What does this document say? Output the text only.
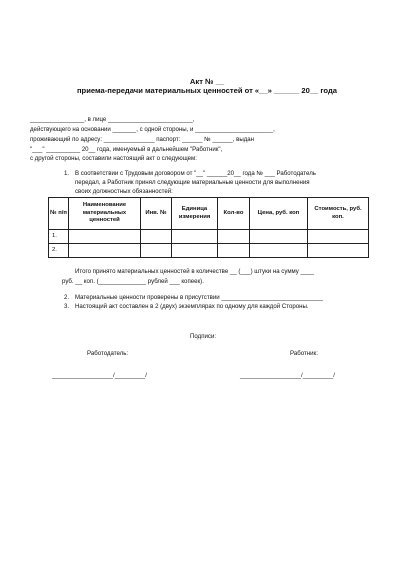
Акт № __
приема-передачи материальных ценностей от «__» ______ 20__ года
________________, в лице _________________________,
действующего на основании _______, с одной стороны, и _______________________,
проживающий по адресу: _______________ паспорт: ______ № ______, выдан
"___" __________ 20__ года, именуемый в дальнейшем "Работник",
с другой стороны, составили настоящий акт о следующем:
1. В соответствии с Трудовым договором от "__" ______20__ года № ___ Работодатель
передал, а Работник принял следующие материальные ценности для выполнения
своих должностных обязанностей:
№ п/п	Наименование материальных ценностей	Инв. №	Единица измерения	Кол-во	Цена, руб. коп	Стоимость, руб. коп.
1.						
2.						
Итого принято материальных ценностей в количестве __ (___) штуки на сумму ____
руб. __ коп. (______________ рублей ___ копеек).
2. Материальные ценности проверены в присутствии ______________________________
3. Настоящий акт составлен в 2 (двух) экземплярах по одному для каждой Стороны.
Подписи:
Работодатель:	Работник:
__________________/_________/	__________________/_________/
